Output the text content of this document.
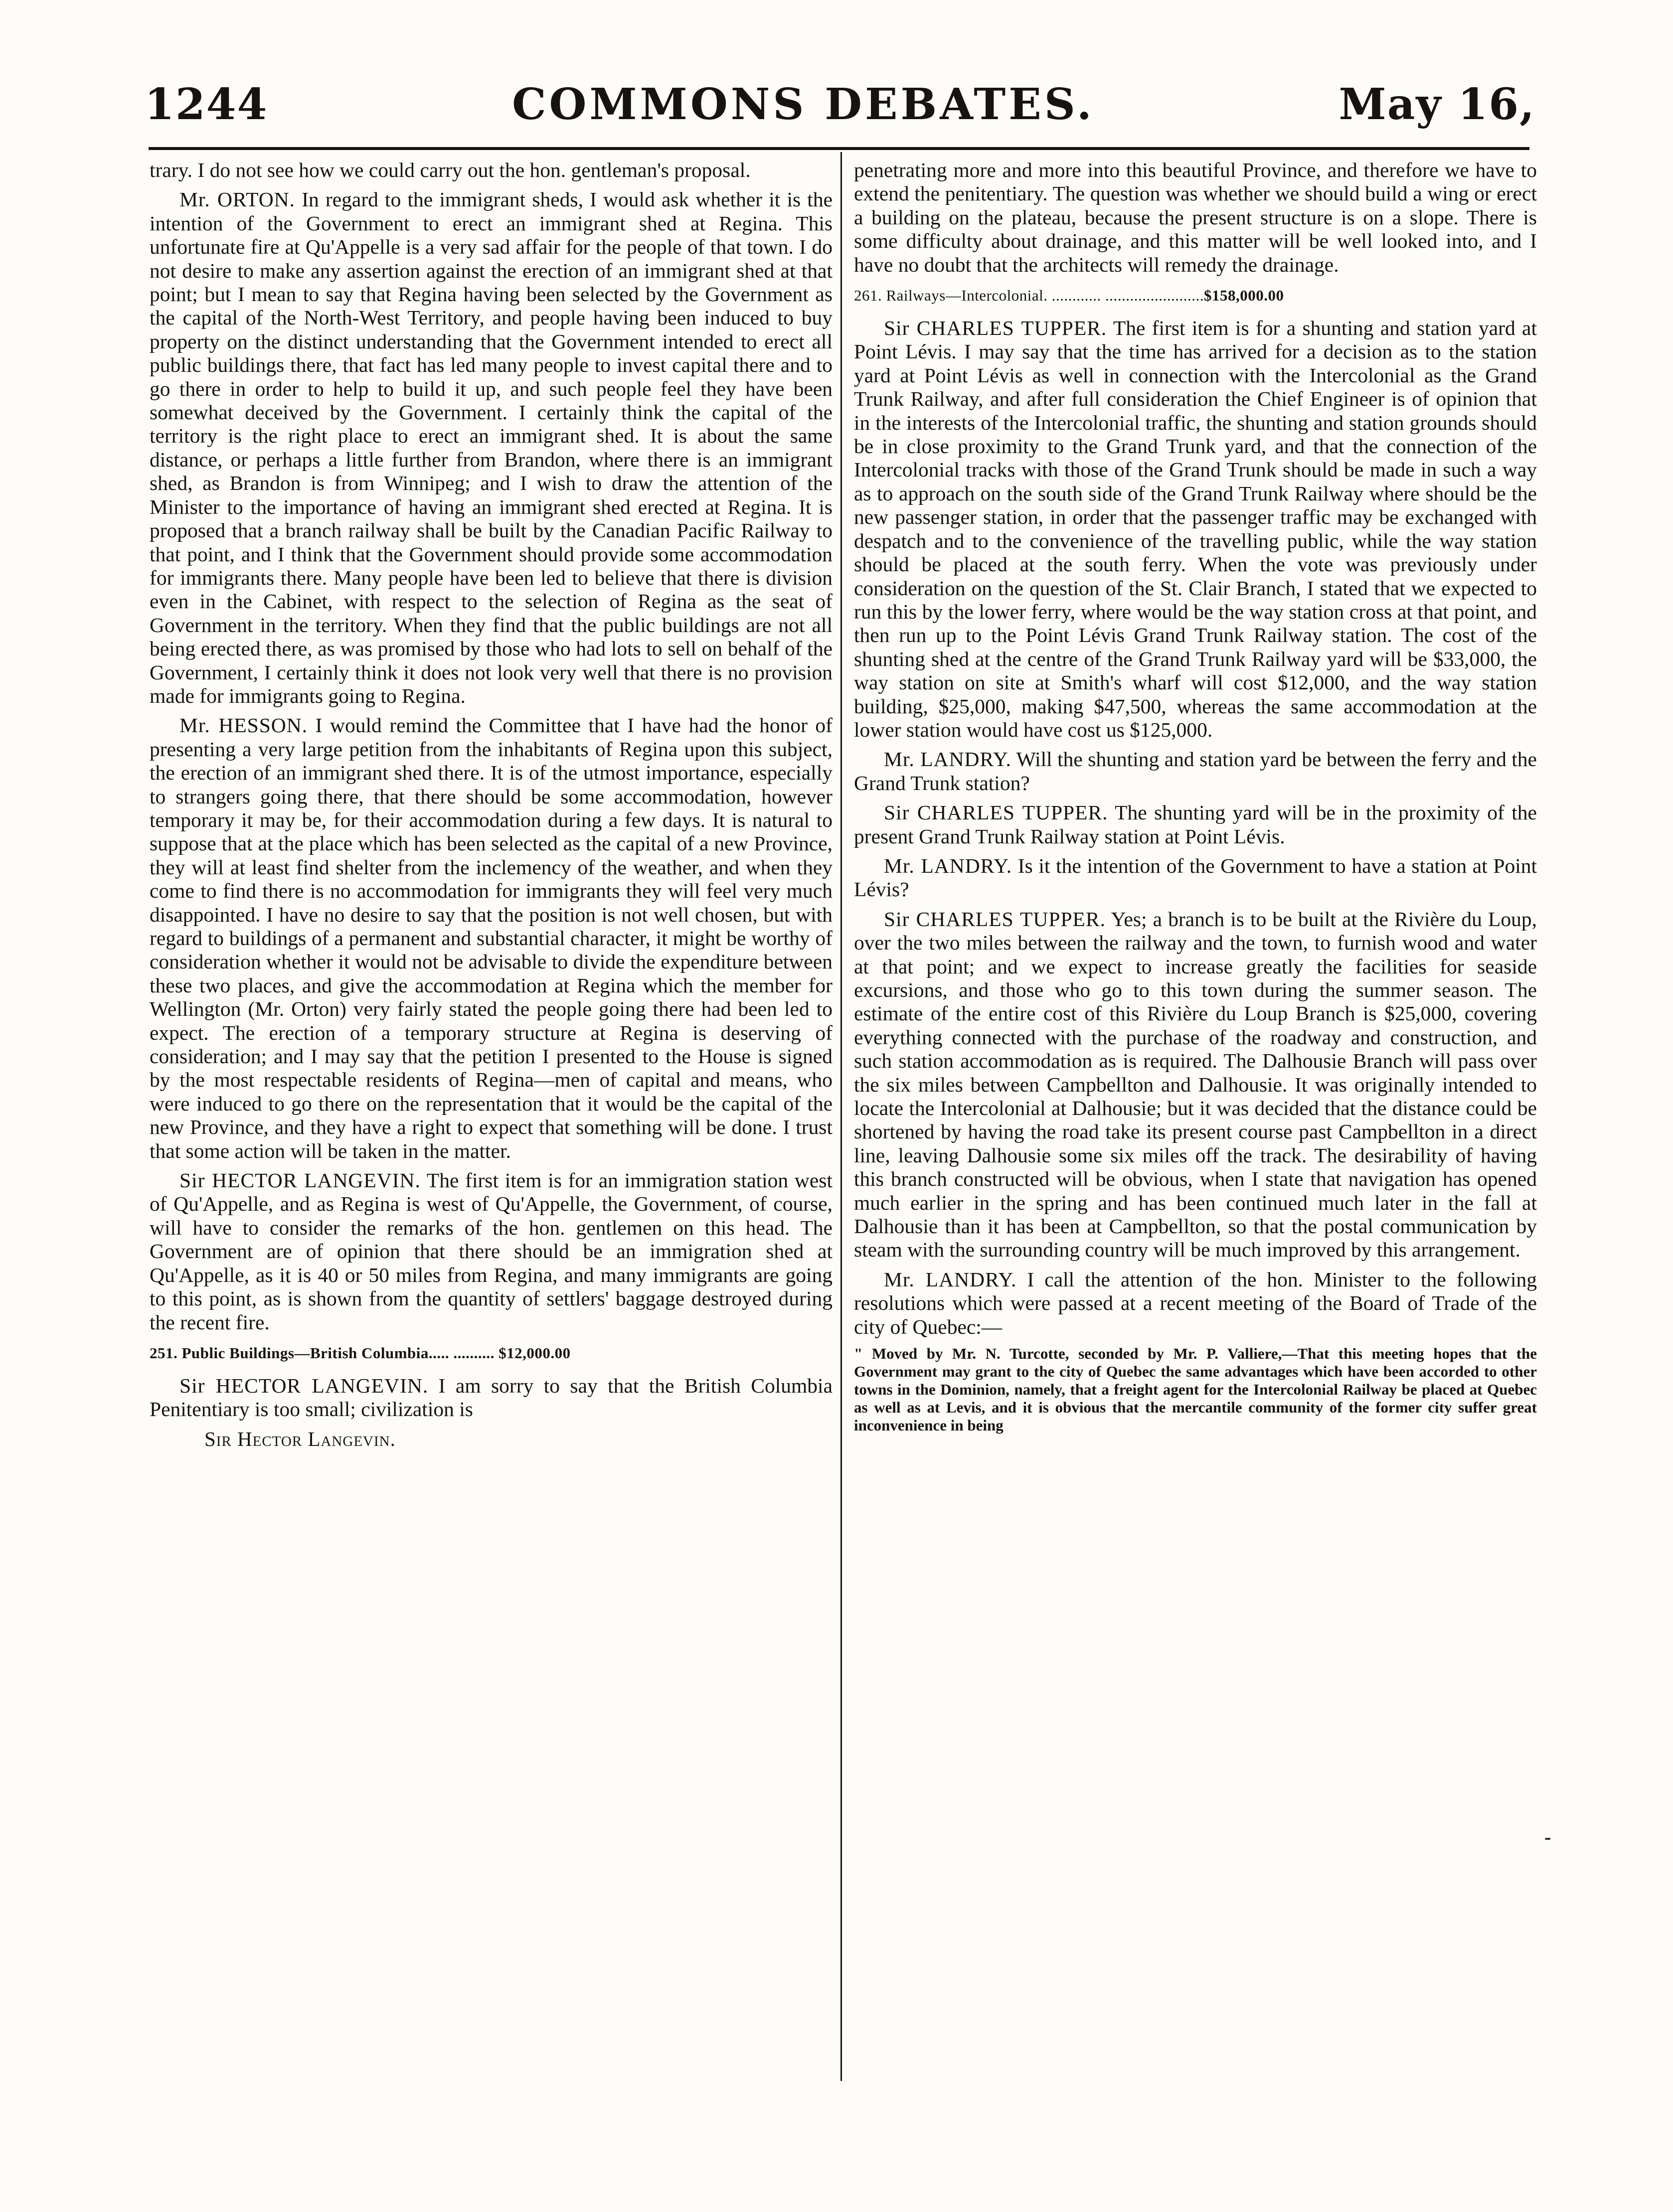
1244	COMMONS DEBATES.	May 16,

trary. I do not see how we could carry out the hon. gentleman's proposal.

Mr. ORTON. In regard to the immigrant sheds, I would ask whether it is the intention of the Government to erect an immigrant shed at Regina. This unfortunate fire at Qu'Appelle is a very sad affair for the people of that town. I do not desire to make any assertion against the erection of an immigrant shed at that point; but I mean to say that Regina having been selected by the Government as the capital of the North-West Territory, and people having been induced to buy property on the distinct understanding that the Government intended to erect all public buildings there, that fact has led many people to invest capital there and to go there in order to help to build it up, and such people feel they have been somewhat deceived by the Government. I certainly think the capital of the territory is the right place to erect an immigrant shed. It is about the same distance, or perhaps a little further from Brandon, where there is an immigrant shed, as Brandon is from Winnipeg; and I wish to draw the attention of the Minister to the importance of having an immigrant shed erected at Regina. It is proposed that a branch railway shall be built by the Canadian Pacific Railway to that point, and I think that the Government should provide some accommodation for immigrants there. Many people have been led to believe that there is division even in the Cabinet, with respect to the selection of Regina as the seat of Government in the territory. When they find that the public buildings are not all being erected there, as was promised by those who had lots to sell on behalf of the Government, I certainly think it does not look very well that there is no provision made for immigrants going to Regina.

Mr. HESSON. I would remind the Committee that I have had the honor of presenting a very large petition from the inhabitants of Regina upon this subject, the erection of an immigrant shed there. It is of the utmost importance, especially to strangers going there, that there should be some accommodation, however temporary it may be, for their accommodation during a few days. It is natural to suppose that at the place which has been selected as the capital of a new Province, they will at least find shelter from the inclemency of the weather, and when they come to find there is no accommodation for immigrants they will feel very much disappointed. I have no desire to say that the position is not well chosen, but with regard to buildings of a permanent and substantial character, it might be worthy of consideration whether it would not be advisable to divide the expenditure between these two places, and give the accommodation at Regina which the member for Wellington (Mr. Orton) very fairly stated the people going there had been led to expect. The erection of a temporary structure at Regina is deserving of consideration; and I may say that the petition I presented to the House is signed by the most respectable residents of Regina—men of capital and means, who were induced to go there on the representation that it would be the capital of the new Province, and they have a right to expect that something will be done. I trust that some action will be taken in the matter.

Sir HECTOR LANGEVIN. The first item is for an immigration station west of Qu'Appelle, and as Regina is west of Qu'Appelle, the Government, of course, will have to consider the remarks of the hon. gentlemen on this head. The Government are of opinion that there should be an immigration shed at Qu'Appelle, as it is 40 or 50 miles from Regina, and many immigrants are going to this point, as is shown from the quantity of settlers' baggage destroyed during the recent fire.

251. Public Buildings—British Columbia..... .......... $12,000.00

Sir HECTOR LANGEVIN. I am sorry to say that the British Columbia Penitentiary is too small; civilization is

Sir Hector Langevin.

penetrating more and more into this beautiful Province, and therefore we have to extend the penitentiary. The question was whether we should build a wing or erect a building on the plateau, because the present structure is on a slope. There is some difficulty about drainage, and this matter will be well looked into, and I have no doubt that the architects will remedy the drainage.

261. Railways—Intercolonial. ............ ........................$158,000.00

Sir CHARLES TUPPER. The first item is for a shunting and station yard at Point Lévis. I may say that the time has arrived for a decision as to the station yard at Point Lévis as well in connection with the Intercolonial as the Grand Trunk Railway, and after full consideration the Chief Engineer is of opinion that in the interests of the Intercolonial traffic, the shunting and station grounds should be in close proximity to the Grand Trunk yard, and that the connection of the Intercolonial tracks with those of the Grand Trunk should be made in such a way as to approach on the south side of the Grand Trunk Railway where should be the new passenger station, in order that the passenger traffic may be exchanged with despatch and to the convenience of the travelling public, while the way station should be placed at the south ferry. When the vote was previously under consideration on the question of the St. Clair Branch, I stated that we expected to run this by the lower ferry, where would be the way station cross at that point, and then run up to the Point Lévis Grand Trunk Railway station. The cost of the shunting shed at the centre of the Grand Trunk Railway yard will be $33,000, the way station on site at Smith's wharf will cost $12,000, and the way station building, $25,000, making $47,500, whereas the same accommodation at the lower station would have cost us $125,000.

Mr. LANDRY. Will the shunting and station yard be between the ferry and the Grand Trunk station?

Sir CHARLES TUPPER. The shunting yard will be in the proximity of the present Grand Trunk Railway station at Point Lévis.

Mr. LANDRY. Is it the intention of the Government to have a station at Point Lévis?

Sir CHARLES TUPPER. Yes; a branch is to be built at the Rivière du Loup, over the two miles between the railway and the town, to furnish wood and water at that point; and we expect to increase greatly the facilities for seaside excursions, and those who go to this town during the summer season. The estimate of the entire cost of this Rivière du Loup Branch is $25,000, covering everything connected with the purchase of the roadway and construction, and such station accommodation as is required. The Dalhousie Branch will pass over the six miles between Campbellton and Dalhousie. It was originally intended to locate the Intercolonial at Dalhousie; but it was decided that the distance could be shortened by having the road take its present course past Campbellton in a direct line, leaving Dalhousie some six miles off the track. The desirability of having this branch constructed will be obvious, when I state that navigation has opened much earlier in the spring and has been continued much later in the fall at Dalhousie than it has been at Campbellton, so that the postal communication by steam with the surrounding country will be much improved by this arrangement.

Mr. LANDRY. I call the attention of the hon. Minister to the following resolutions which were passed at a recent meeting of the Board of Trade of the city of Quebec:—

" Moved by Mr. N. Turcotte, seconded by Mr. P. Valliere,—That this meeting hopes that the Government may grant to the city of Quebec the same advantages which have been accorded to other towns in the Dominion, namely, that a freight agent for the Intercolonial Railway be placed at Quebec as well as at Levis, and it is obvious that the mercantile community of the former city suffer great inconvenience in being

-
